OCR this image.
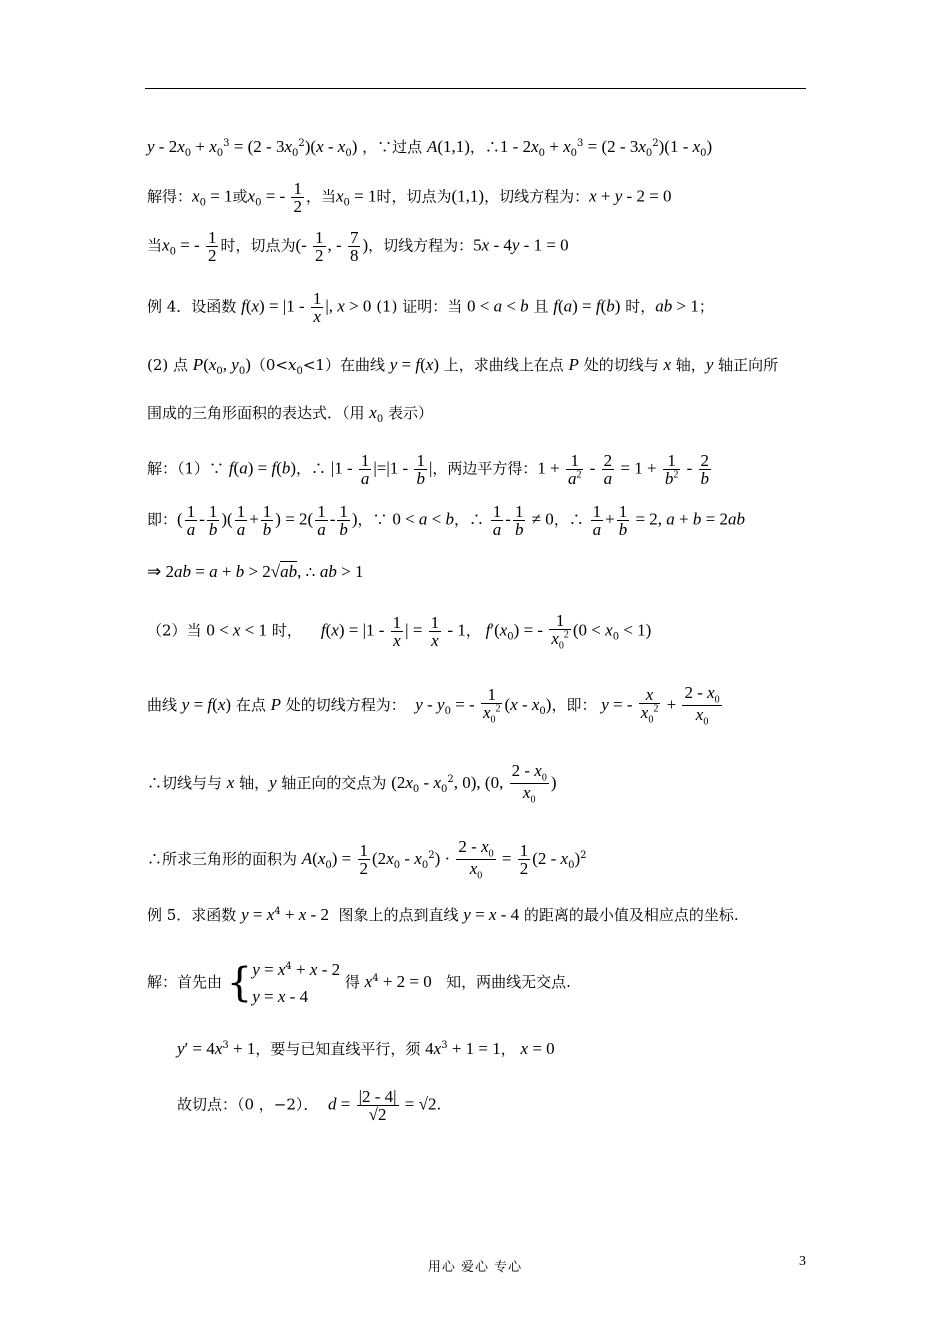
$y - 2x_0 + x_0^3 = (2 - 3x_0^2)(x - x_0)$ ，∵过点 A(1,1)，∴1 - $2x_0 + x_0^3 = (2 - 3x_0^2)(1 - x_0)$
解得：$x_0 = 1$或$x_0$ = - $\frac{1}{2}$ ，当$x_0 = 1$时，切点为(1,1)，切线方程为：x + y - 2 = 0
当$x_0$ = - $\frac{1}{2}$ 时，切点为(- $\frac{1}{2}$ , - $\frac{7}{8}$ )，切线方程为：5x - 4y - 1 = 0
例 4．设函数 $f(x) = |1 - \frac{1}{x}$ |, x > 0 (1) 证明：当 0 < a < b 且 f(a) = f(b) 时，ab > 1；
(2) 点 $P(x_0$, $y_0)(0<x_0<1)$在曲线 y = f(x) 上，求曲线上在点 P 处的切线与 x 轴，y 轴正向所
围成的三角形面积的表达式．（用 $x_0$ 表示）
解：（1）∵ f(a) = f(b)，∴ $|1 - \frac{1}{a} |=|1 - \frac{1}{b}$ |，两边平方得：$1 + \frac{1}{a^2} - \frac{2}{a} = 1 + \frac{1}{b^2} - \frac{2}{b}$
即：( $\frac{1}{a} - \frac{1}{b}$ )( $\frac{1}{a} + \frac{1}{b}$ ) = $2( \frac{1}{a} - \frac{1}{b}$ )，∵ 0 < a < b，∴ $\frac{1}{a} - \frac{1}{b} \ne 0$，∴ $\frac{1}{a} + \frac{1}{b} = 2$, a + b = 2ab
⇒ 2ab = a + b > 2√ab, ∴ ab > 1
（2）当 0 < x < 1 时，    $f(x) = |1 - \frac{1}{x}$ | = $\frac{1}{x} - 1$， $f'(x_0)$ = - $\frac{1}{x_0^2} (0 < x_0 < 1)$
曲线 y = f(x) 在点 P 处的切线方程为：  y - $y_0$ = - $\frac{1}{x_0^2} (x - x_0)$，即： y = - $\frac{x}{x_0^2} + \frac{2 - x_0}{x_0}$
∴切线与与 x 轴，y 轴正向的交点为 ($2x_0 - x_0^2$, 0), (0, $\frac{2 - x_0}{x_0}$ )
∴所求三角形的面积为 $A(x_0) = \frac{1}{2} (2x_0 - x_0^2) \cdot \frac{2 - x_0}{x_0} = \frac{1}{2} (2 - x_0)^2$
例 5．求函数 $y = x^4 + x - 2$  图象上的点到直线 y = x - 4 的距离的最小值及相应点的坐标.
解：首先由 {$y = x^4 + x - 2$
y = x - 4 得 $x^4 + 2 = 0$   知，两曲线无交点.
$y' = 4x^3 + 1$，要与已知直线平行，须 $4x^3 + 1 = 1$， x = 0
故切点：（0 ，−2）．  $d = \frac{|2 - 4|}{√2} = √2$.
用心 爱心 专心	3
